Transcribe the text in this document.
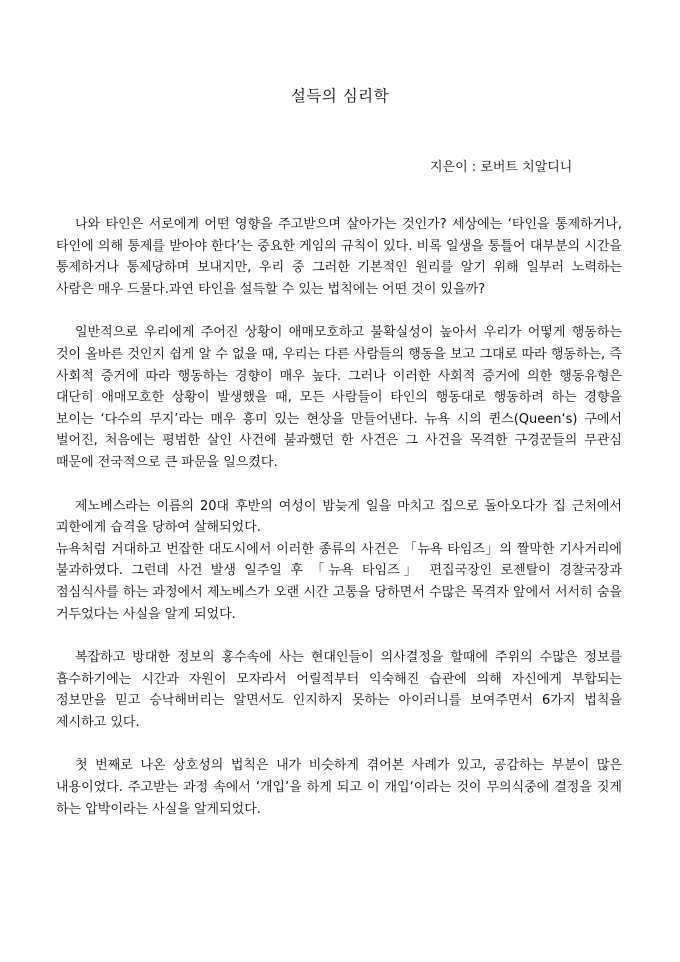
설득의 심리학
지은이 : 로버트 치알디니

나와 타인은 서로에게 어떤 영향을 주고받으며 살아가는 것인가? 세상에는 ‘타인을 통제하거나, 타인에 의해 통제를 받아야 한다’는 중요한 게임의 규칙이 있다. 비록 일생을 통틀어 대부분의 시간을 통제하거나 통제당하며 보내지만, 우리 중 그러한 기본적인 원리를 알기 위해 일부러 노력하는 사람은 매우 드물다.과연 타인을 설득할 수 있는 법칙에는 어떤 것이 있을까?

일반적으로 우리에게 주어진 상황이 애매모호하고 불확실성이 높아서 우리가 어떻게 행동하는 것이 올바른 것인지 쉽게 알 수 없을 때, 우리는 다른 사람들의 행동을 보고 그대로 따라 행동하는, 즉 사회적 증거에 따라 행동하는 경향이 매우 높다. 그러나 이러한 사회적 증거에 의한 행동유형은 대단히 애매모호한 상황이 발생했을 때, 모든 사람들이 타인의 행동대로 행동하려 하는 경향을 보이는 ‘다수의 무지’라는 매우 흥미 있는 현상을 만들어낸다. 뉴욕 시의 퀸스(Queen‘s) 구에서 벌어진, 처음에는 평범한 살인 사건에 불과했던 한 사건은 그 사건을 목격한 구경꾼들의 무관심 때문에 전국적으로 큰 파문을 일으켰다.

제노베스라는 이름의 20대 후반의 여성이 밤늦게 일을 마치고 집으로 돌아오다가 집 근처에서 괴한에게 습격을 당하여 살해되었다.
뉴욕처럼 거대하고 번잡한 대도시에서 이러한 종류의 사건은 「뉴욕 타임즈」의 짤막한 기사거리에 불과하였다. 그런데 사건 발생 일주일 후 「뉴욕 타임즈」 편집국장인 로젠탈이 경찰국장과 점심식사를 하는 과정에서 제노베스가 오랜 시간 고통을 당하면서 수많은 목격자 앞에서 서서히 숨을 거두었다는 사실을 알게 되었다.

복잡하고 방대한 정보의 홍수속에 사는 현대인들이 의사결정을 할때에 주위의 수많은 정보를 흡수하기에는 시간과 자원이 모자라서 어릴적부터 익숙해진 습관에 의해 자신에게 부합되는 정보만을 믿고 승낙해버리는 알면서도 인지하지 못하는 아이러니를 보여주면서 6가지 법칙을 제시하고 있다.

첫 번째로 나온 상호성의 법칙은 내가 비슷하게 겪어본 사례가 있고, 공감하는 부분이 많은 내용이었다. 주고받는 과정 속에서 ‘개입’을 하게 되고 이 개입‘이라는 것이 무의식중에 결정을 짓게 하는 압박이라는 사실을 알게되었다.
